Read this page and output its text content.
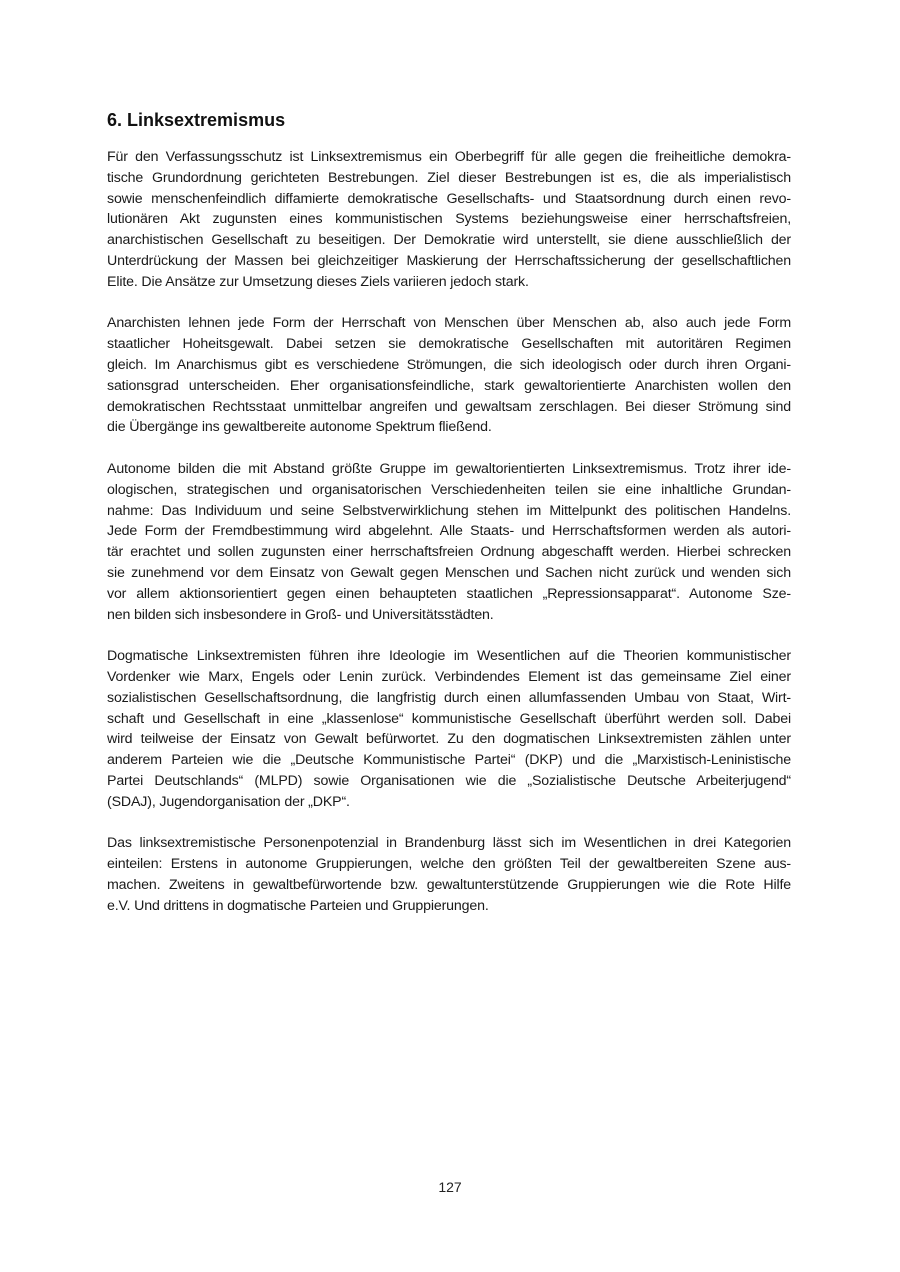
6. Linksextremismus

Für den Verfassungsschutz ist Linksextremismus ein Oberbegriff für alle gegen die freiheitliche demokra-
tische Grundordnung gerichteten Bestrebungen. Ziel dieser Bestrebungen ist es, die als imperialistisch
sowie menschenfeindlich diffamierte demokratische Gesellschafts- und Staatsordnung durch einen revo-
lutionären Akt zugunsten eines kommunistischen Systems beziehungsweise einer herrschaftsfreien,
anarchistischen Gesellschaft zu beseitigen. Der Demokratie wird unterstellt, sie diene ausschließlich der
Unterdrückung der Massen bei gleichzeitiger Maskierung der Herrschaftssicherung der gesellschaftlichen
Elite. Die Ansätze zur Umsetzung dieses Ziels variieren jedoch stark.

Anarchisten lehnen jede Form der Herrschaft von Menschen über Menschen ab, also auch jede Form
staatlicher Hoheitsgewalt. Dabei setzen sie demokratische Gesellschaften mit autoritären Regimen
gleich. Im Anarchismus gibt es verschiedene Strömungen, die sich ideologisch oder durch ihren Organi-
sationsgrad unterscheiden. Eher organisationsfeindliche, stark gewaltorientierte Anarchisten wollen den
demokratischen Rechtsstaat unmittelbar angreifen und gewaltsam zerschlagen. Bei dieser Strömung sind
die Übergänge ins gewaltbereite autonome Spektrum fließend.

Autonome bilden die mit Abstand größte Gruppe im gewaltorientierten Linksextremismus. Trotz ihrer ide-
ologischen, strategischen und organisatorischen Verschiedenheiten teilen sie eine inhaltliche Grundan-
nahme: Das Individuum und seine Selbstverwirklichung stehen im Mittelpunkt des politischen Handelns.
Jede Form der Fremdbestimmung wird abgelehnt. Alle Staats- und Herrschaftsformen werden als autori-
tär erachtet und sollen zugunsten einer herrschaftsfreien Ordnung abgeschafft werden. Hierbei schrecken
sie zunehmend vor dem Einsatz von Gewalt gegen Menschen und Sachen nicht zurück und wenden sich
vor allem aktionsorientiert gegen einen behaupteten staatlichen „Repressionsapparat“. Autonome Sze-
nen bilden sich insbesondere in Groß- und Universitätsstädten.

Dogmatische Linksextremisten führen ihre Ideologie im Wesentlichen auf die Theorien kommunistischer
Vordenker wie Marx, Engels oder Lenin zurück. Verbindendes Element ist das gemeinsame Ziel einer
sozialistischen Gesellschaftsordnung, die langfristig durch einen allumfassenden Umbau von Staat, Wirt-
schaft und Gesellschaft in eine „klassenlose“ kommunistische Gesellschaft überführt werden soll. Dabei
wird teilweise der Einsatz von Gewalt befürwortet. Zu den dogmatischen Linksextremisten zählen unter
anderem Parteien wie die „Deutsche Kommunistische Partei“ (DKP) und die „Marxistisch-Leninistische
Partei Deutschlands“ (MLPD) sowie Organisationen wie die „Sozialistische Deutsche Arbeiterjugend“
(SDAJ), Jugendorganisation der „DKP“.

Das linksextremistische Personenpotenzial in Brandenburg lässt sich im Wesentlichen in drei Kategorien
einteilen: Erstens in autonome Gruppierungen, welche den größten Teil der gewaltbereiten Szene aus-
machen. Zweitens in gewaltbefürwortende bzw. gewaltunterstützende Gruppierungen wie die Rote Hilfe
e.V. Und drittens in dogmatische Parteien und Gruppierungen.

127
